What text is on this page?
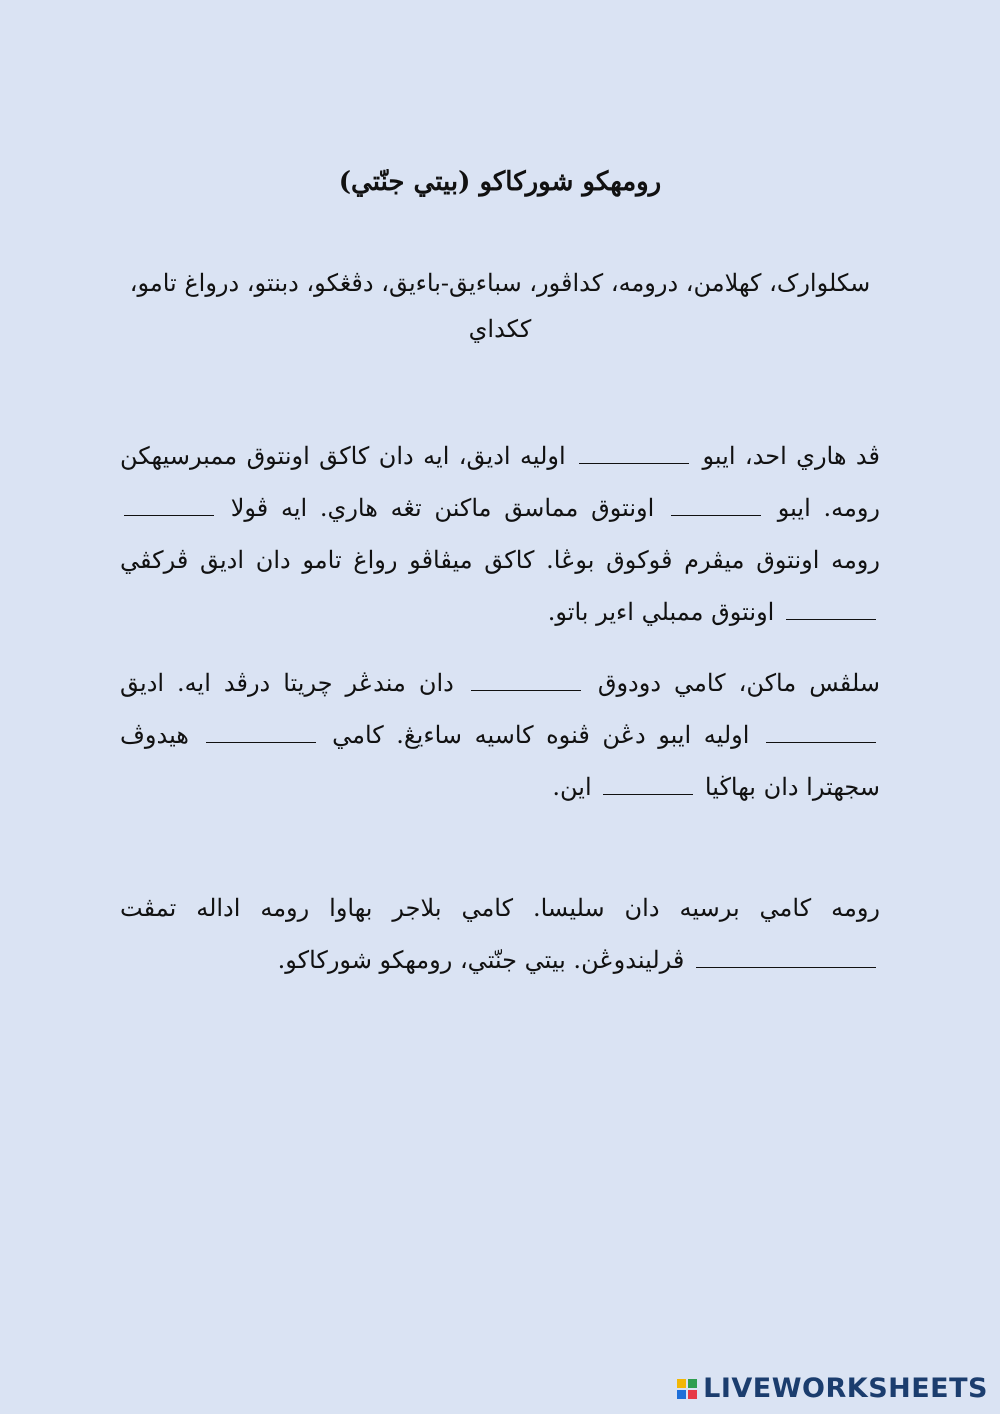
رومهكو شوركاكو (بيتي جنّتي)
سكلوارک، كهلامن، درومه، كداڤور، سباءيق-باءيق، دڤڠكو، دبنتو، درواغ تامو، ككداي
ڤد هاري احد، ايبو  اوليه اديق، ايه دان كاكق اونتوق ممبرسيهكن رومه. ايبو  اونتوق مماسق ماكنن تڠه هاري. ايه ڤولا  رومه اونتوق ميڤرم ڤوكوق بوڠا. كاكق ميڤاڤو رواغ تامو دان اديق ڤركڤي  اونتوق ممبلي اءير باتو.
سلڤس ماكن، كامي دودوق  دان مندڠر چريتا درڤد ايه. اديق  اوليه ايبو دڠن ڤنوه كاسيه ساءيڠ. كامي  هيدوڤ سجهترا دان بهاڬيا  اين.
رومه كامي برسيه دان سليسا. كامي بلاجر بهاوا رومه اداله تمڤت  ڤرليندوڠن. بيتي جنّتي، رومهكو شوركاكو.
LIVEWORKSHEETS
